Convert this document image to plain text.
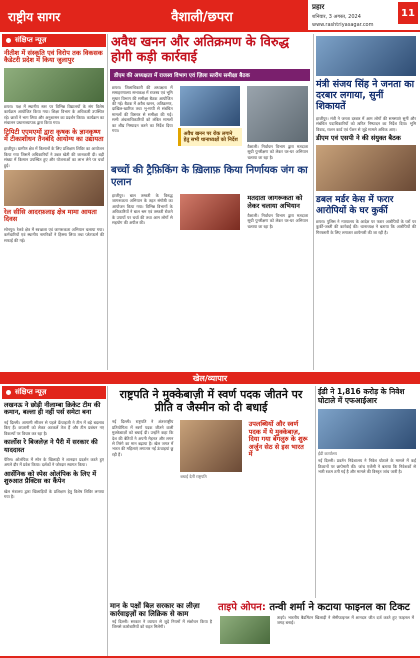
राष्ट्रीय सागर	वैशाली/छपरा
प्रहार
शनिवार, 3 अगस्त, 2024
www.rashtriyasagar.com
11
संक्षिप्त न्यूज़
नीतीश में संस्कृति एवं विरोप तक विकसक कैडेटरी प्रदेश में किया जुलापुर
छपरा। पक्ष में स्थानीय स्तर पर विभिन्न विद्यालयों के संग विशेष कार्यक्रम आयोजित किया गया। शिक्षा विभाग के अधिकारी उपस्थित रहे। छात्रों ने भाग लिया और अनुशासन का प्रदर्शन किया। कार्यक्रम का संचालन प्रधानाध्यापक द्वारा किया गया।
ट्रिपिटी एएमएमों द्वारा कृषक के ज्ञानकृष्ण में टीकाशीधन तैनबंदि आयोग्य का उद्यायता
हाजीपुर। ग्रामीण क्षेत्र में किसानों के लिए प्रशिक्षण शिविर का आयोजन किया गया जिसमें अधिकारियों ने उन्नत खेती की जानकारी दी। बड़ी संख्या में किसान उपस्थित हुए और योजनाओं का लाभ लेने पर चर्चा हुई।
रेल सीसि आदरफ़लाइ क्षेत्र मामा आयता दिवस
सोनपुर। रेलवे क्षेत्र में स्वच्छता एवं जागरूकता अभियान चलाया गया। कर्मचारियों एवं स्थानीय नागरिकों ने हिस्सा लिया तथा प्लेटफार्म की सफाई की गई।
अवैध खनन और अतिक्रमण के विरुद्ध होगी कड़ी कार्रवाई
डीएम की अध्यक्षता में राजस्व विभाग एवं ज़िला स्तरीय समीक्षा बैठक
छपरा। जिलाधिकारी की अध्यक्षता में समाहरणालय सभाकक्ष में राजस्व एवं भूमि सुधार विभाग की समीक्षा बैठक आयोजित की गई। बैठक में अवैध खनन, अतिक्रमण, दाखिल-खारिज तथा भू-मापी से संबंधित मामलों की विस्तार से समीक्षा की गई। सभी अंचलाधिकारियों को लंबित मामलों का शीघ्र निष्पादन करने का निर्देश दिया गया।
अवैध खनन पर रोक लगाने हेतु सभी थानाध्यक्षों को निर्देश
वैशाली। निर्वाचन विभाग द्वारा मतदाता सूची पुनरीक्षण को लेकर घर-घर अभियान चलाया जा रहा है।
बच्चों की ट्रैफ़िकिंग के ख़िलाफ़ किया निर्णायक जंग का एलान
हाजीपुर। बाल तस्करी के विरुद्ध जागरूकता अभियान के तहत संगोष्ठी का आयोजन किया गया। विभिन्न विभागों के अधिकारियों ने बाल श्रम एवं तस्करी रोकने के उपायों पर चर्चा की तथा आम लोगों से सहयोग की अपील की।
मतदाता जागरूकता को लेकर चलाया अभियान
वैशाली। निर्वाचन विभाग द्वारा मतदाता सूची पुनरीक्षण को लेकर घर-घर अभियान चलाया जा रहा है।
मंत्री संजय सिंह ने जनता का दरबार लगाया, सुनीं शिकायतें
हाजीपुर। मंत्री ने जनता दरबार में आम लोगों की समस्याएं सुनीं और संबंधित पदाधिकारियों को त्वरित निष्पादन का निर्देश दिया। भूमि विवाद, राशन कार्ड एवं पेंशन से जुड़े मामले अधिक आए।
डीएम एवं एसपी ने की संयुक्त बैठक
डबल मर्डर केस में फरार आरोपियों के घर कुर्की
छपरा। पुलिस ने न्यायालय के आदेश पर फरार आरोपियों के घरों पर कुर्की-जब्ती की कार्रवाई की। थानाध्यक्ष ने बताया कि आरोपियों की गिरफ्तारी के लिए लगातार छापेमारी की जा रही है।
खेल/व्यापार
संक्षिप्त न्यूज़
लखनऊ ने छोड़ी नीलाम्बा क्रिकेट टीम की कमान, बल्ला ही नहीं पर्स समेटा बना
नई दिल्ली। आगामी सीजन से पहले फ्रेंचाइजी ने टीम में बड़े बदलाव किए हैं। कप्तानी को लेकर अटकलें तेज हैं और टीम प्रबंधन नए विकल्पों पर विचार कर रहा है।
कार्लोस रे बिजलेज़ ने पैरी में सरकार की याददास्त
पेरिस। ओलंपिक में स्पेन के खिलाड़ी ने शानदार प्रदर्शन करते हुए अगले दौर में प्रवेश किया। दर्शकों ने जोरदार स्वागत किया।
आर्सेनिक को स्पेस ओलंपिक के लिए में शुरुआत प्रैक्टिस का कैंपेन
खेल मंत्रालय द्वारा खिलाड़ियों के प्रशिक्षण हेतु विशेष शिविर लगाया गया है।
राष्ट्रपति ने मुक्केबाज़ी में स्वर्ण पदक जीतने पर प्रीति व जैस्मीन को दी बधाई
नई दिल्ली। राष्ट्रपति ने अंतरराष्ट्रीय प्रतियोगिता में स्वर्ण पदक जीतने वाली मुक्केबाज़ों को बधाई दी। उन्होंने कहा कि देश की बेटियों ने अपनी मेहनत और लगन से तिरंगे का मान बढ़ाया है। खेल जगत में भारत की महिलाएं लगातार नई ऊंचाइयां छू रही हैं।
बधाई देतीं राष्ट्रपति
उपलब्धियों और स्वर्ण पदक में ये मुक्केबाज़, दिया गया बेंगलुरु के शुरू अर्जुन सेठ से इस भारत में
ईडी ने 1,816 करोड़ के निवेश घोटाले में एफआईआर
ईडी कार्यालय
नई दिल्ली। प्रवर्तन निदेशालय ने निवेश घोटाले के मामले में कई ठिकानों पर छापेमारी की। जांच एजेंसी ने बताया कि निवेशकों से भारी रकम ठगी गई है और मामले की विस्तृत जांच जारी है।
मान के पक्षों बिल सरकार का लीज़ा कार्रवाइज़ों का लिक्रिक से काम
नई दिल्ली। सरकार ने व्यापार से जुड़े नियमों में संशोधन किया है जिससे कारोबारियों को राहत मिलेगी।
ताइपे ओपन: तन्वी शर्मा ने कटाया फाइनल का टिकट
ताइपे। भारतीय बैडमिंटन खिलाड़ी ने सेमीफाइनल में शानदार जीत दर्ज करते हुए फाइनल में जगह बनाई।
